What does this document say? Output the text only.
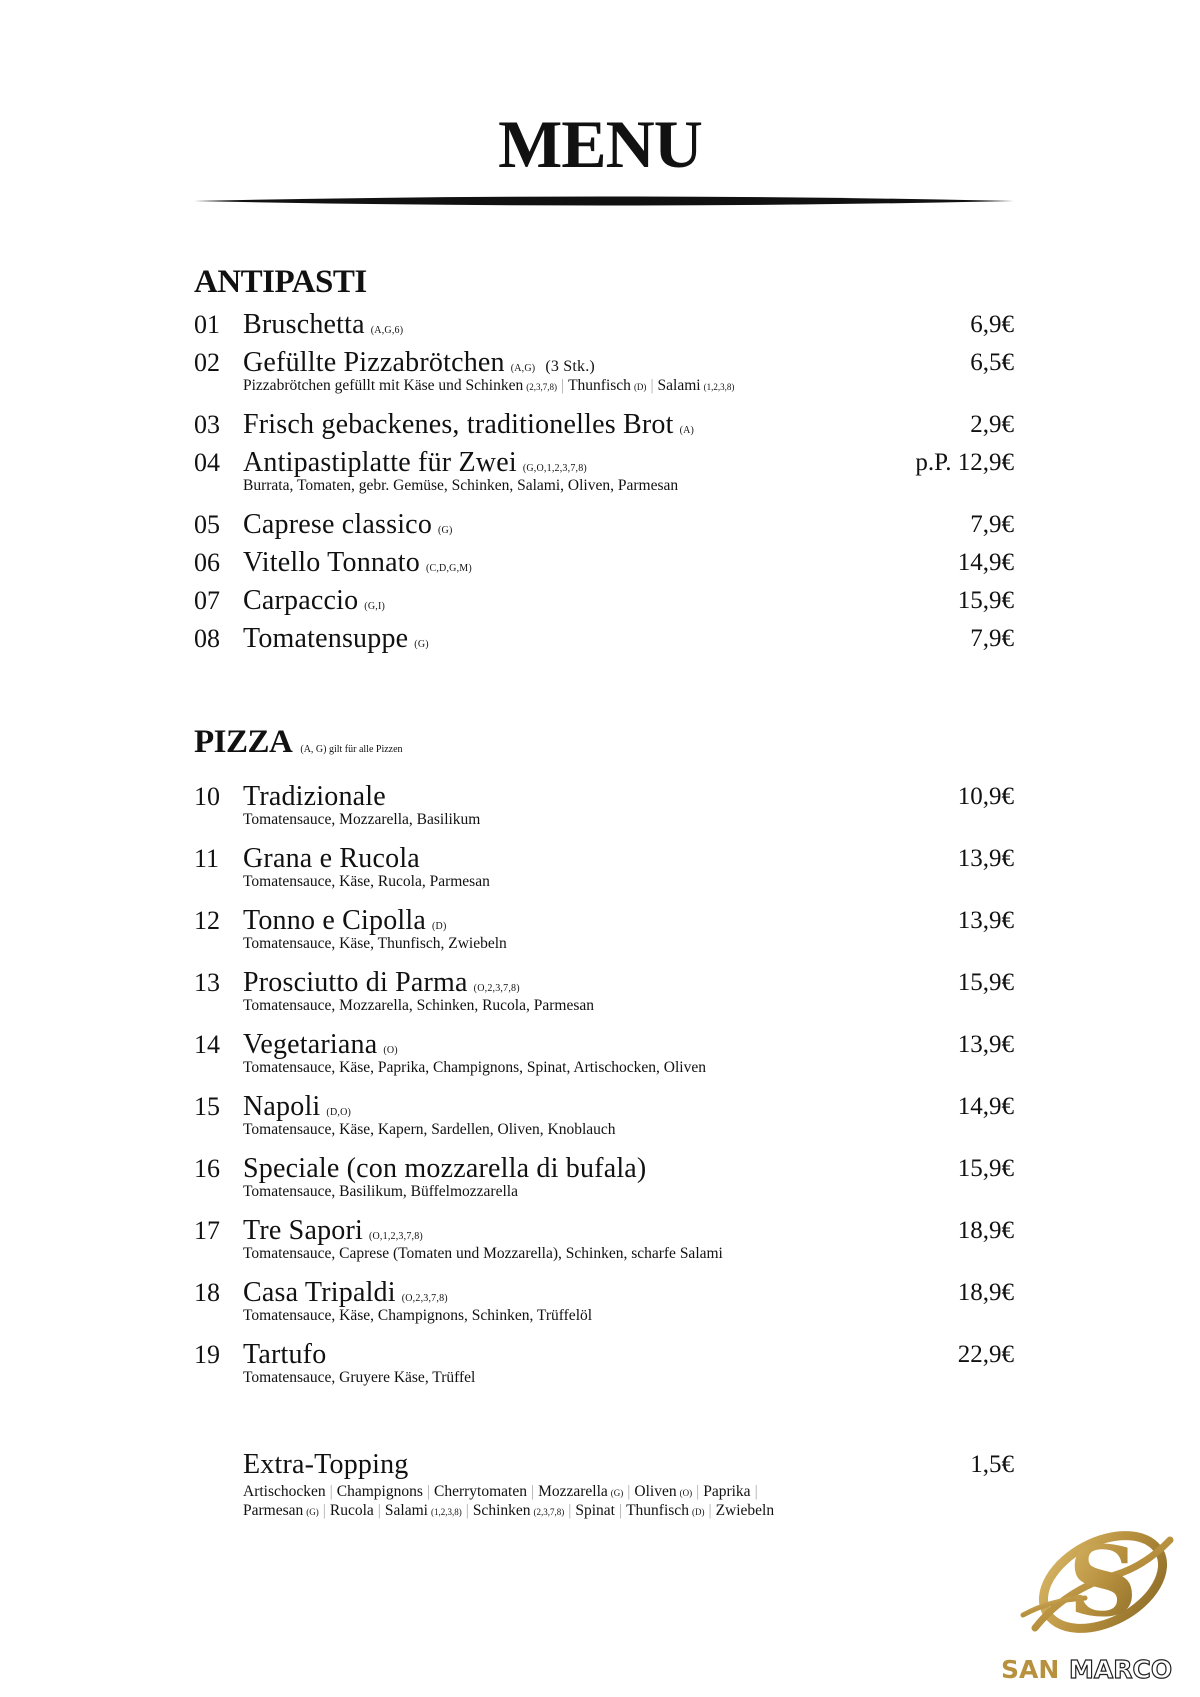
MENU
ANTIPASTI
01 Bruschetta (A,G,6)	6,9€
02 Gefüllte Pizzabrötchen (A,G) (3 Stk.)	6,5€
Pizzabrötchen gefüllt mit Käse und Schinken (2,3,7,8) | Thunfisch (D) | Salami (1,2,3,8)
03 Frisch gebackenes, traditionelles Brot (A)	2,9€
04 Antipastiplatte für Zwei (G,O,1,2,3,7,8)	p.P. 12,9€
Burrata, Tomaten, gebr. Gemüse, Schinken, Salami, Oliven, Parmesan
05 Caprese classico (G)	7,9€
06 Vitello Tonnato (C,D,G,M)	14,9€
07 Carpaccio (G,I)	15,9€
08 Tomatensuppe (G)	7,9€
PIZZA (A, G) gilt für alle Pizzen
10 Tradizionale	10,9€
Tomatensauce, Mozzarella, Basilikum
11 Grana e Rucola	13,9€
Tomatensauce, Käse, Rucola, Parmesan
12 Tonno e Cipolla (D)	13,9€
Tomatensauce, Käse, Thunfisch, Zwiebeln
13 Prosciutto di Parma (O,2,3,7,8)	15,9€
Tomatensauce, Mozzarella, Schinken, Rucola, Parmesan
14 Vegetariana (O)	13,9€
Tomatensauce, Käse, Paprika, Champignons, Spinat, Artischocken, Oliven
15 Napoli (D,O)	14,9€
Tomatensauce, Käse, Kapern, Sardellen, Oliven, Knoblauch
16 Speciale (con mozzarella di bufala)	15,9€
Tomatensauce, Basilikum, Büffelmozzarella
17 Tre Sapori (O,1,2,3,7,8)	18,9€
Tomatensauce, Caprese (Tomaten und Mozzarella), Schinken, scharfe Salami
18 Casa Tripaldi (O,2,3,7,8)	18,9€
Tomatensauce, Käse, Champignons, Schinken, Trüffelöl
19 Tartufo	22,9€
Tomatensauce, Gruyere Käse, Trüffel
Extra-Topping	1,5€
Artischocken | Champignons | Cherrytomaten | Mozzarella (G) | Oliven (O) | Paprika |
Parmesan (G) | Rucola | Salami (1,2,3,8) | Schinken (2,3,7,8) | Spinat | Thunfisch (D) | Zwiebeln
S
SAN MARCO
